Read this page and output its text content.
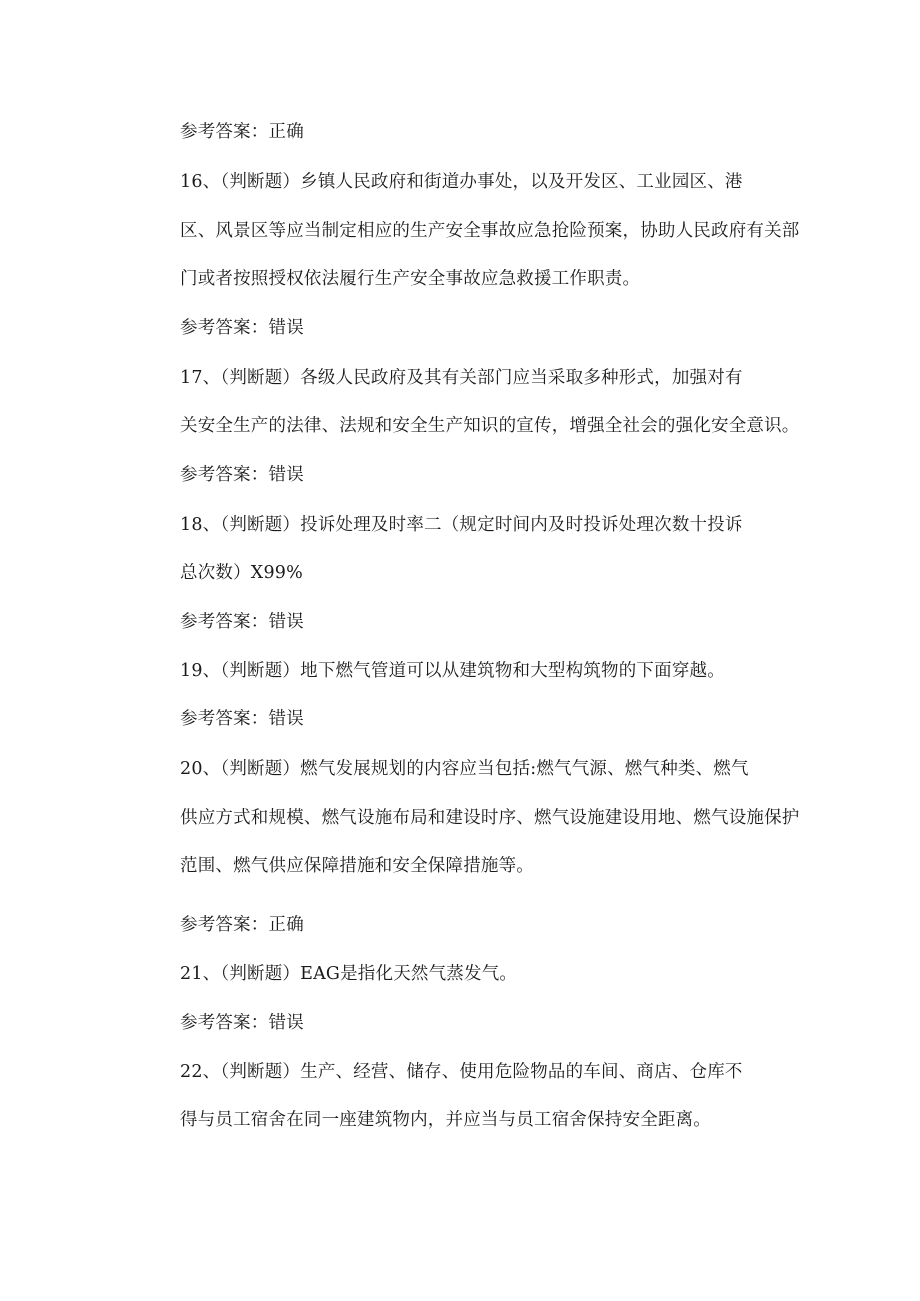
参考答案：正确
16、（判断题）乡镇人民政府和街道办事处，以及开发区、工业园区、港
区、风景区等应当制定相应的生产安全事故应急抢险预案，协助人民政府有关部
门或者按照授权依法履行生产安全事故应急救援工作职责。
参考答案：错误
17、（判断题）各级人民政府及其有关部门应当采取多种形式，加强对有
关安全生产的法律、法规和安全生产知识的宣传，增强全社会的强化安全意识。
参考答案：错误
18、（判断题）投诉处理及时率二（规定时间内及时投诉处理次数十投诉
总次数）X99%
参考答案：错误
19、（判断题）地下燃气管道可以从建筑物和大型构筑物的下面穿越。
参考答案：错误
20、（判断题）燃气发展规划的内容应当包括:燃气气源、燃气种类、燃气
供应方式和规模、燃气设施布局和建设时序、燃气设施建设用地、燃气设施保护
范围、燃气供应保障措施和安全保障措施等。
参考答案：正确
21、（判断题）EAG是指化天然气蒸发气。
参考答案：错误
22、（判断题）生产、经营、储存、使用危险物品的车间、商店、仓库不
得与员工宿舍在同一座建筑物内，并应当与员工宿舍保持安全距离。
